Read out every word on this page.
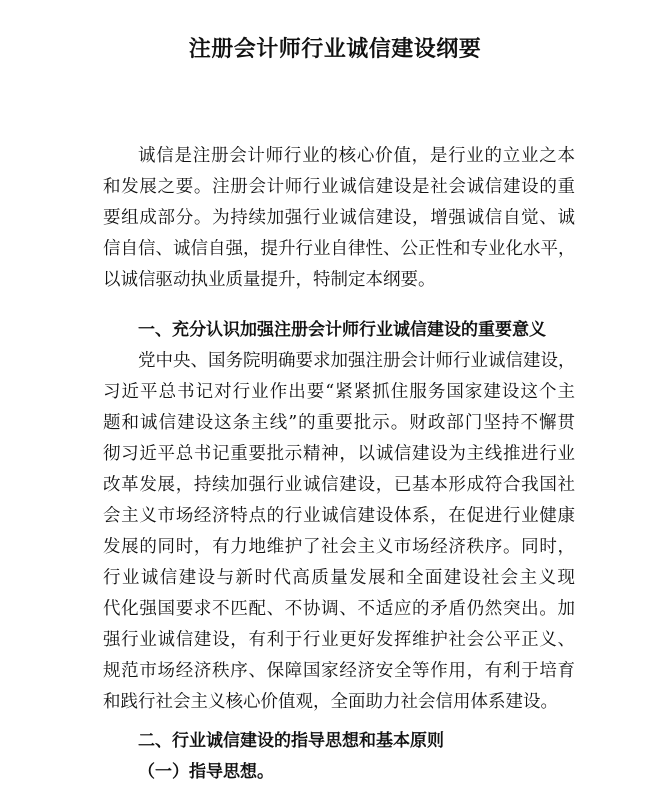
注册会计师行业诚信建设纲要
诚信是注册会计师行业的核心价值，是行业的立业之本
和发展之要。注册会计师行业诚信建设是社会诚信建设的重
要组成部分。为持续加强行业诚信建设，增强诚信自觉、诚
信自信、诚信自强，提升行业自律性、公正性和专业化水平，
以诚信驱动执业质量提升，特制定本纲要。
一、充分认识加强注册会计师行业诚信建设的重要意义
党中央、国务院明确要求加强注册会计师行业诚信建设，
习近平总书记对行业作出要“紧紧抓住服务国家建设这个主
题和诚信建设这条主线”的重要批示。财政部门坚持不懈贯
彻习近平总书记重要批示精神，以诚信建设为主线推进行业
改革发展，持续加强行业诚信建设，已基本形成符合我国社
会主义市场经济特点的行业诚信建设体系，在促进行业健康
发展的同时，有力地维护了社会主义市场经济秩序。同时，
行业诚信建设与新时代高质量发展和全面建设社会主义现
代化强国要求不匹配、不协调、不适应的矛盾仍然突出。加
强行业诚信建设，有利于行业更好发挥维护社会公平正义、
规范市场经济秩序、保障国家经济安全等作用，有利于培育
和践行社会主义核心价值观，全面助力社会信用体系建设。
二、行业诚信建设的指导思想和基本原则
（一）指导思想。
